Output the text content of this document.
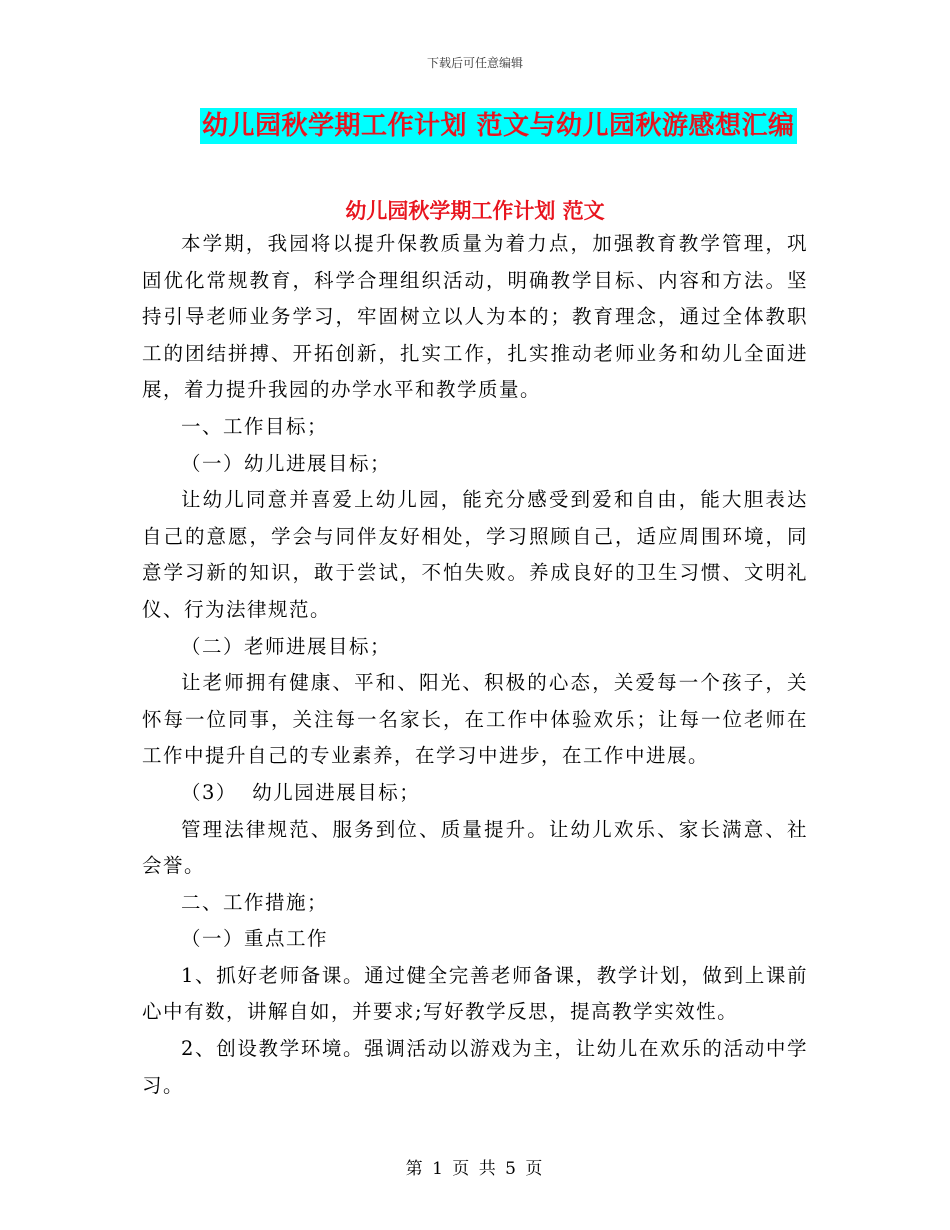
下载后可任意编辑
幼儿园秋学期工作计划 范文与幼儿园秋游感想汇编
幼儿园秋学期工作计划 范文

本学期，我园将以提升保教质量为着力点，加强教育教学管理，巩固优化常规教育，科学合理组织活动，明确教学目标、内容和方法。坚持引导老师业务学习，牢固树立以人为本的；教育理念，通过全体教职工的团结拼搏、开拓创新，扎实工作，扎实推动老师业务和幼儿全面进展，着力提升我园的办学水平和教学质量。

一、工作目标；

（一）幼儿进展目标；

让幼儿同意并喜爱上幼儿园，能充分感受到爱和自由，能大胆表达自己的意愿，学会与同伴友好相处，学习照顾自己，适应周围环境，同意学习新的知识，敢于尝试，不怕失败。养成良好的卫生习惯、文明礼仪、行为法律规范。

（二）老师进展目标；

让老师拥有健康、平和、阳光、积极的心态，关爱每一个孩子，关怀每一位同事，关注每一名家长，在工作中体验欢乐；让每一位老师在工作中提升自己的专业素养，在学习中进步，在工作中进展。

（3）  幼儿园进展目标；

管理法律规范、服务到位、质量提升。让幼儿欢乐、家长满意、社会誉。

二、工作措施；

（一）重点工作

1、抓好老师备课。通过健全完善老师备课，教学计划，做到上课前心中有数，讲解自如，并要求;写好教学反思，提高教学实效性。

2、创设教学环境。强调活动以游戏为主，让幼儿在欢乐的活动中学习。

第 1 页 共 5 页
